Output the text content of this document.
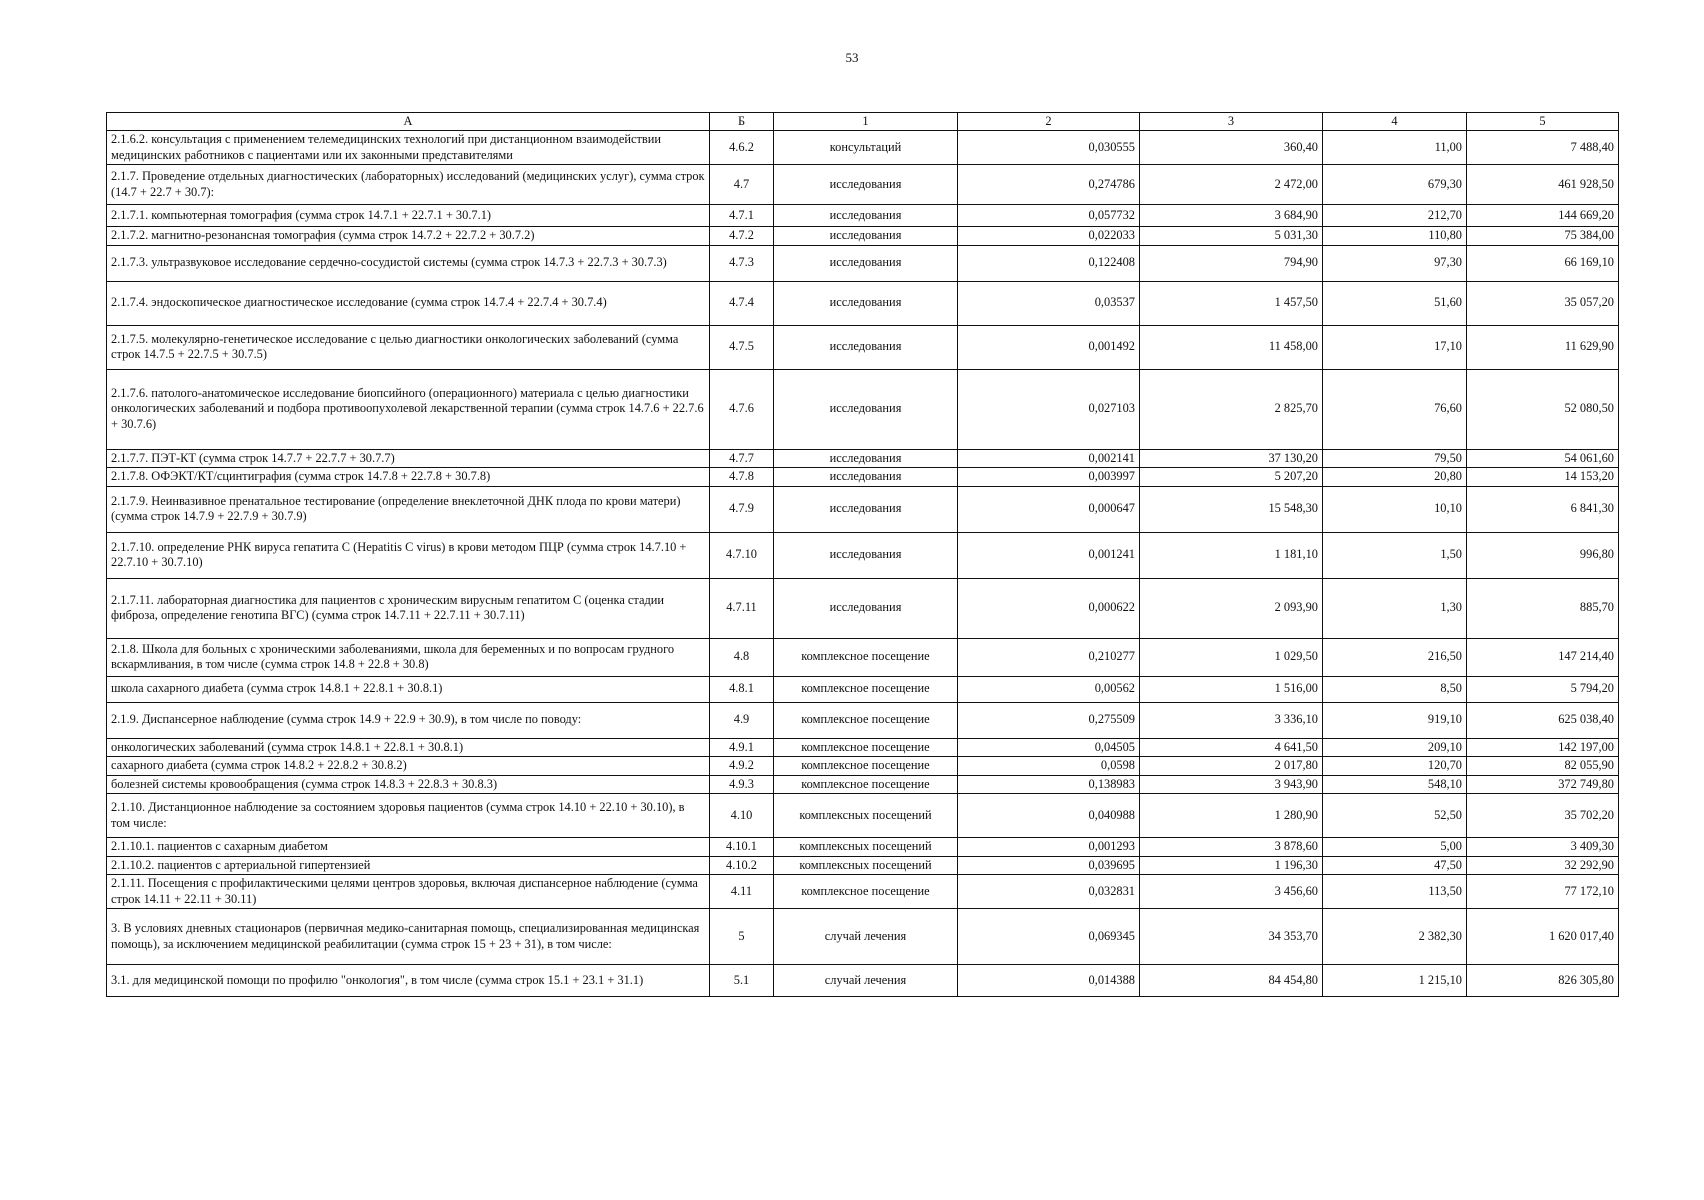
53
А	Б	1	2	3	4	5
2.1.6.2. консультация с применением телемедицинских технологий при дистанционном взаимодействии медицинских работников с пациентами или их законными представителями	4.6.2	консультаций	0,030555	360,40	11,00	7 488,40
2.1.7. Проведение отдельных диагностических (лабораторных) исследований (медицинских услуг), сумма строк (14.7 + 22.7 + 30.7):	4.7	исследования	0,274786	2 472,00	679,30	461 928,50
2.1.7.1. компьютерная томография (сумма строк 14.7.1 + 22.7.1 + 30.7.1)	4.7.1	исследования	0,057732	3 684,90	212,70	144 669,20
2.1.7.2. магнитно-резонансная томография (сумма строк 14.7.2 + 22.7.2 + 30.7.2)	4.7.2	исследования	0,022033	5 031,30	110,80	75 384,00
2.1.7.3. ультразвуковое исследование сердечно-сосудистой системы (сумма строк 14.7.3 + 22.7.3 + 30.7.3)	4.7.3	исследования	0,122408	794,90	97,30	66 169,10
2.1.7.4. эндоскопическое диагностическое исследование (сумма строк 14.7.4 + 22.7.4 + 30.7.4)	4.7.4	исследования	0,03537	1 457,50	51,60	35 057,20
2.1.7.5. молекулярно-генетическое исследование с целью диагностики онкологических заболеваний (сумма строк 14.7.5 + 22.7.5 + 30.7.5)	4.7.5	исследования	0,001492	11 458,00	17,10	11 629,90
2.1.7.6. патолого-анатомическое исследование биопсийного (операционного) материала с целью диагностики онкологических заболеваний и подбора противоопухолевой лекарственной терапии (сумма строк 14.7.6 + 22.7.6 + 30.7.6)	4.7.6	исследования	0,027103	2 825,70	76,60	52 080,50
2.1.7.7. ПЭТ-КТ (сумма строк 14.7.7 + 22.7.7 + 30.7.7)	4.7.7	исследования	0,002141	37 130,20	79,50	54 061,60
2.1.7.8. ОФЭКТ/КТ/сцинтиграфия (сумма строк 14.7.8 + 22.7.8 + 30.7.8)	4.7.8	исследования	0,003997	5 207,20	20,80	14 153,20
2.1.7.9. Неинвазивное пренатальное тестирование (определение внеклеточной ДНК плода по крови матери) (сумма строк 14.7.9 + 22.7.9 + 30.7.9)	4.7.9	исследования	0,000647	15 548,30	10,10	6 841,30
2.1.7.10. определение РНК вируса гепатита С (Hepatitis C virus) в крови методом ПЦР (сумма строк 14.7.10 + 22.7.10 + 30.7.10)	4.7.10	исследования	0,001241	1 181,10	1,50	996,80
2.1.7.11. лабораторная диагностика для пациентов с хроническим вирусным гепатитом С (оценка стадии фиброза, определение генотипа ВГС) (сумма строк 14.7.11 + 22.7.11 + 30.7.11)	4.7.11	исследования	0,000622	2 093,90	1,30	885,70
2.1.8. Школа для больных с хроническими заболеваниями, школа для беременных и по вопросам грудного вскармливания, в том числе (сумма строк 14.8 + 22.8 + 30.8)	4.8	комплексное посещение	0,210277	1 029,50	216,50	147 214,40
школа сахарного диабета (сумма строк 14.8.1 + 22.8.1 + 30.8.1)	4.8.1	комплексное посещение	0,00562	1 516,00	8,50	5 794,20
2.1.9. Диспансерное наблюдение (сумма строк 14.9 + 22.9 + 30.9), в том числе по поводу:	4.9	комплексное посещение	0,275509	3 336,10	919,10	625 038,40
онкологических заболеваний (сумма строк 14.8.1 + 22.8.1 + 30.8.1)	4.9.1	комплексное посещение	0,04505	4 641,50	209,10	142 197,00
сахарного диабета (сумма строк 14.8.2 + 22.8.2 + 30.8.2)	4.9.2	комплексное посещение	0,0598	2 017,80	120,70	82 055,90
болезней системы кровообращения (сумма строк 14.8.3 + 22.8.3 + 30.8.3)	4.9.3	комплексное посещение	0,138983	3 943,90	548,10	372 749,80
2.1.10. Дистанционное наблюдение за состоянием здоровья пациентов (сумма строк 14.10 + 22.10 + 30.10), в том числе:	4.10	комплексных посещений	0,040988	1 280,90	52,50	35 702,20
2.1.10.1. пациентов с сахарным диабетом	4.10.1	комплексных посещений	0,001293	3 878,60	5,00	3 409,30
2.1.10.2. пациентов с артериальной гипертензией	4.10.2	комплексных посещений	0,039695	1 196,30	47,50	32 292,90
2.1.11. Посещения с профилактическими целями центров здоровья, включая диспансерное наблюдение (сумма строк 14.11 + 22.11 + 30.11)	4.11	комплексное посещение	0,032831	3 456,60	113,50	77 172,10
3. В условиях дневных стационаров (первичная медико-санитарная помощь, специализированная медицинская помощь), за исключением медицинской реабилитации (сумма строк 15 + 23 + 31), в том числе:	5	случай лечения	0,069345	34 353,70	2 382,30	1 620 017,40
3.1. для медицинской помощи по профилю "онкология", в том числе (сумма строк 15.1 + 23.1 + 31.1)	5.1	случай лечения	0,014388	84 454,80	1 215,10	826 305,80
